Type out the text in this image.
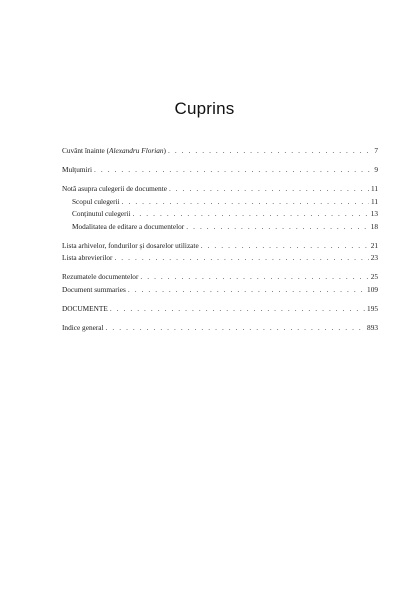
Cuprins
Cuvânt înainte (Alexandru Florian) . . .	7
Mulțumiri . . .	9
Notă asupra culegerii de documente . . .	11
Scopul culegerii . . .	11
Conținutul culegerii . . .	13
Modalitatea de editare a documentelor . . .	18
Lista arhivelor, fondurilor și dosarelor utilizate . . .	21
Lista abrevierilor . . .	23
Rezumatele documentelor . . .	25
Document summaries . . .	109
DOCUMENTE . . .	195
Indice general . . .	893
